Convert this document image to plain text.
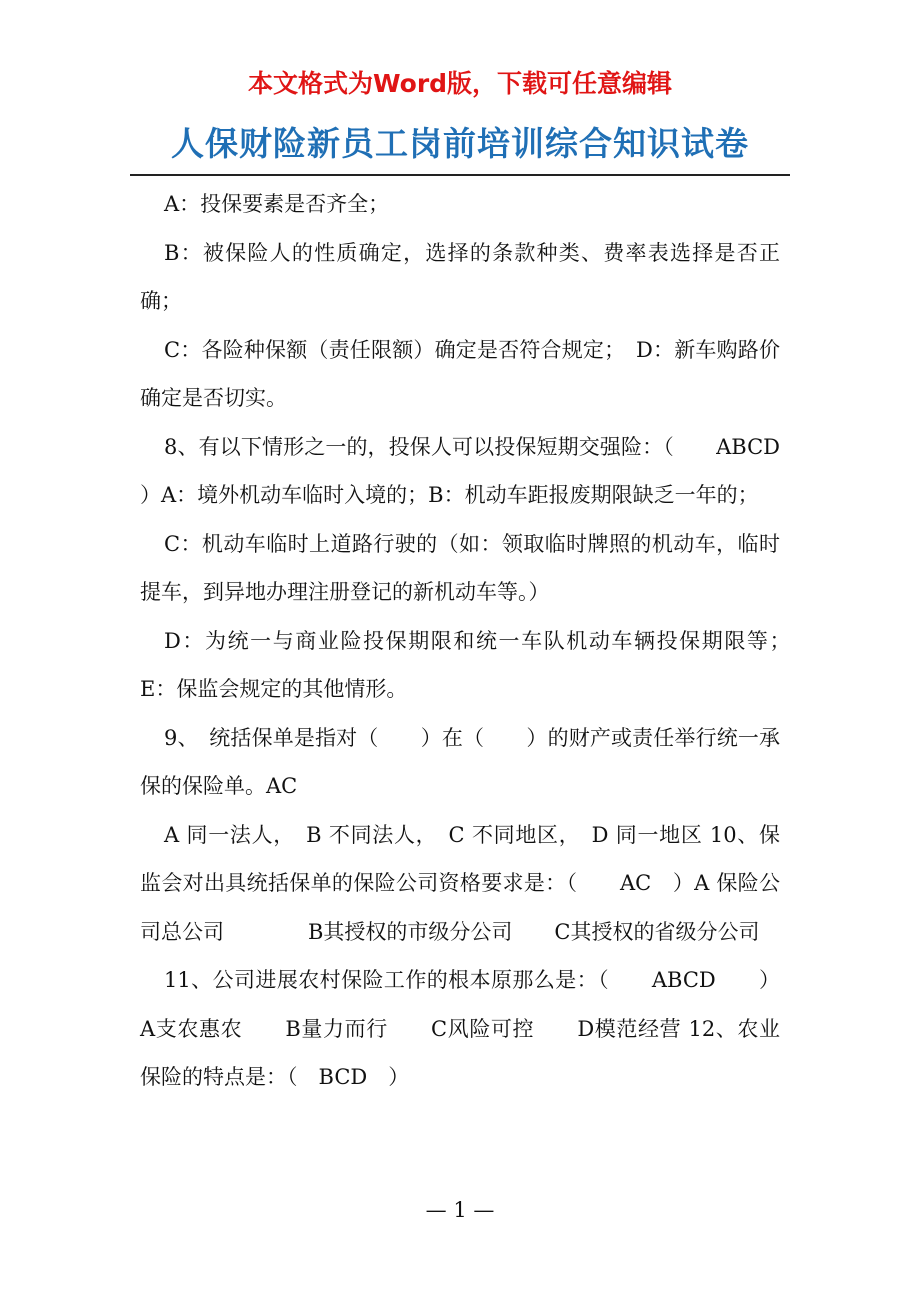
本文格式为Word版，下载可任意编辑
人保财险新员工岗前培训综合知识试卷

A：投保要素是否齐全；

B：被保险人的性质确定，选择的条款种类、费率表选择是否正确；

C：各险种保额（责任限额）确定是否符合规定；　D：新车购路价确定是否切实。

8、有以下情形之一的，投保人可以投保短期交强险：（　　ABCD　　）A：境外机动车临时入境的；B：机动车距报废期限缺乏一年的；

C：机动车临时上道路行驶的（如：领取临时牌照的机动车，临时提车，到异地办理注册登记的新机动车等。）

D：为统一与商业险投保期限和统一车队机动车辆投保期限等；　E：保监会规定的其他情形。

9、　统括保单是指对（　　）在（　　）的财产或责任举行统一承保的保险单。AC

A 同一法人，　B 不同法人，　C 不同地区，　D 同一地区 10、保监会对出具统括保单的保险公司资格要求是：（　　AC　）A 保险公司总公司　　　　B其授权的市级分公司　　C其授权的省级分公司

11、公司进展农村保险工作的根本原那么是：（　　ABCD　　）A支农惠农　　B量力而行　　C风险可控　　D模范经营 12、农业保险的特点是：（　BCD　）

— 1 —
